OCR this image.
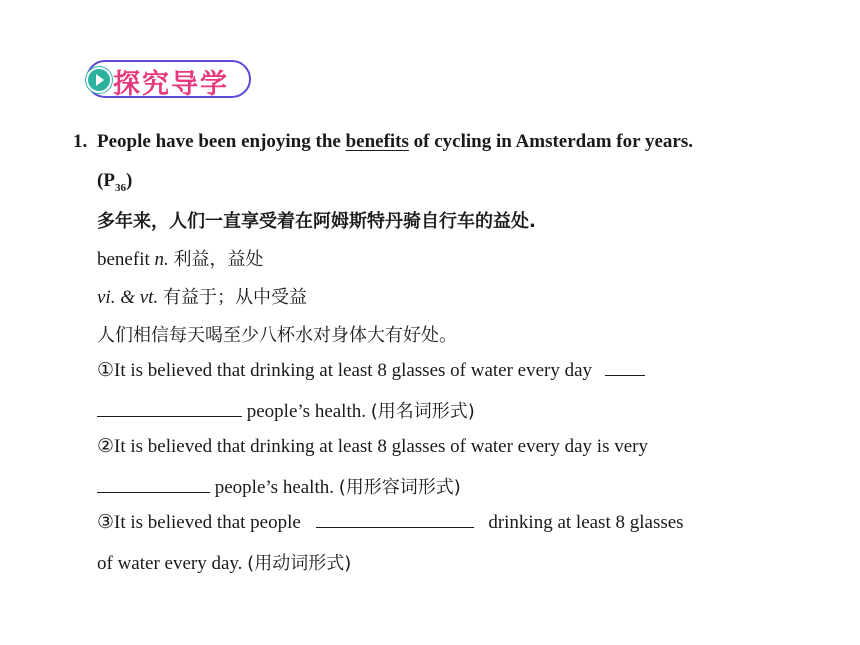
探究导学
1. People have been enjoying the benefits of cycling in Amsterdam for years.
$(P_{36})$
多年来，人们一直享受着在阿姆斯特丹骑自行车的益处.
benefit n. 利益，益处
vi. & vt. 有益于；从中受益
人们相信每天喝至少八杯水对身体大有好处。
①It is believed that drinking at least 8 glasses of water every day
people’s health. (用名词形式)
②It is believed that drinking at least 8 glasses of water every day is very
people’s health. (用形容词形式)
③It is believed that people	drinking at least 8 glasses
of water every day. (用动词形式)
